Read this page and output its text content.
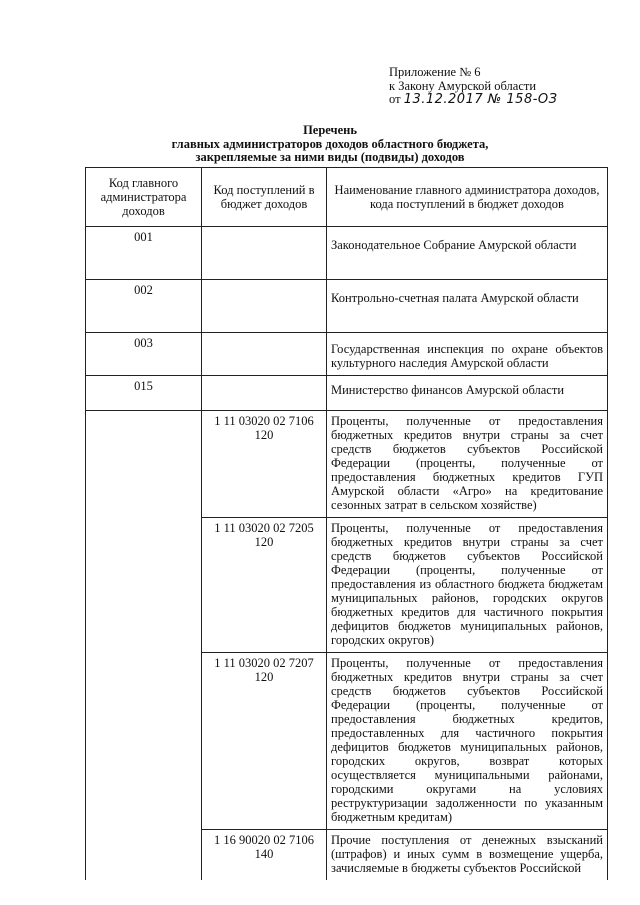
Приложение № 6
к Закону Амурской области
от 13.12.2017 № 158-ОЗ
Перечень
главных администраторов доходов областного бюджета,
закрепляемые за ними виды (подвиды) доходов
Код главного администратора доходов	Код поступлений в бюджет доходов	Наименование главного администратора доходов, кода поступлений в бюджет доходов
001		Законодательное Собрание Амурской области
002		Контрольно-счетная палата Амурской области
003		Государственная инспекция по охране объектов культурного наследия Амурской области
015		Министерство финансов Амурской области
	1 11 03020 02 7106 120	Проценты, полученные от предоставления бюджетных кредитов внутри страны за счет средств бюджетов субъектов Российской Федерации (проценты, полученные от предоставления бюджетных кредитов ГУП Амурской области «Агро» на кредитование сезонных затрат в сельском хозяйстве)
	1 11 03020 02 7205 120	Проценты, полученные от предоставления бюджетных кредитов внутри страны за счет средств бюджетов субъектов Российской Федерации (проценты, полученные от предоставления из областного бюджета бюджетам муниципальных районов, городских округов бюджетных кредитов для частичного покрытия дефицитов бюджетов муниципальных районов, городских округов)
	1 11 03020 02 7207 120	Проценты, полученные от предоставления бюджетных кредитов внутри страны за счет средств бюджетов субъектов Российской Федерации (проценты, полученные от предоставления бюджетных кредитов, предоставленных для частичного покрытия дефицитов бюджетов муниципальных районов, городских округов, возврат которых осуществляется муниципальными районами, городскими округами на условиях реструктуризации задолженности по указанным бюджетным кредитам)
	1 16 90020 02 7106 140	Прочие поступления от денежных взысканий (штрафов) и иных сумм в возмещение ущерба, зачисляемые в бюджеты субъектов Российской
